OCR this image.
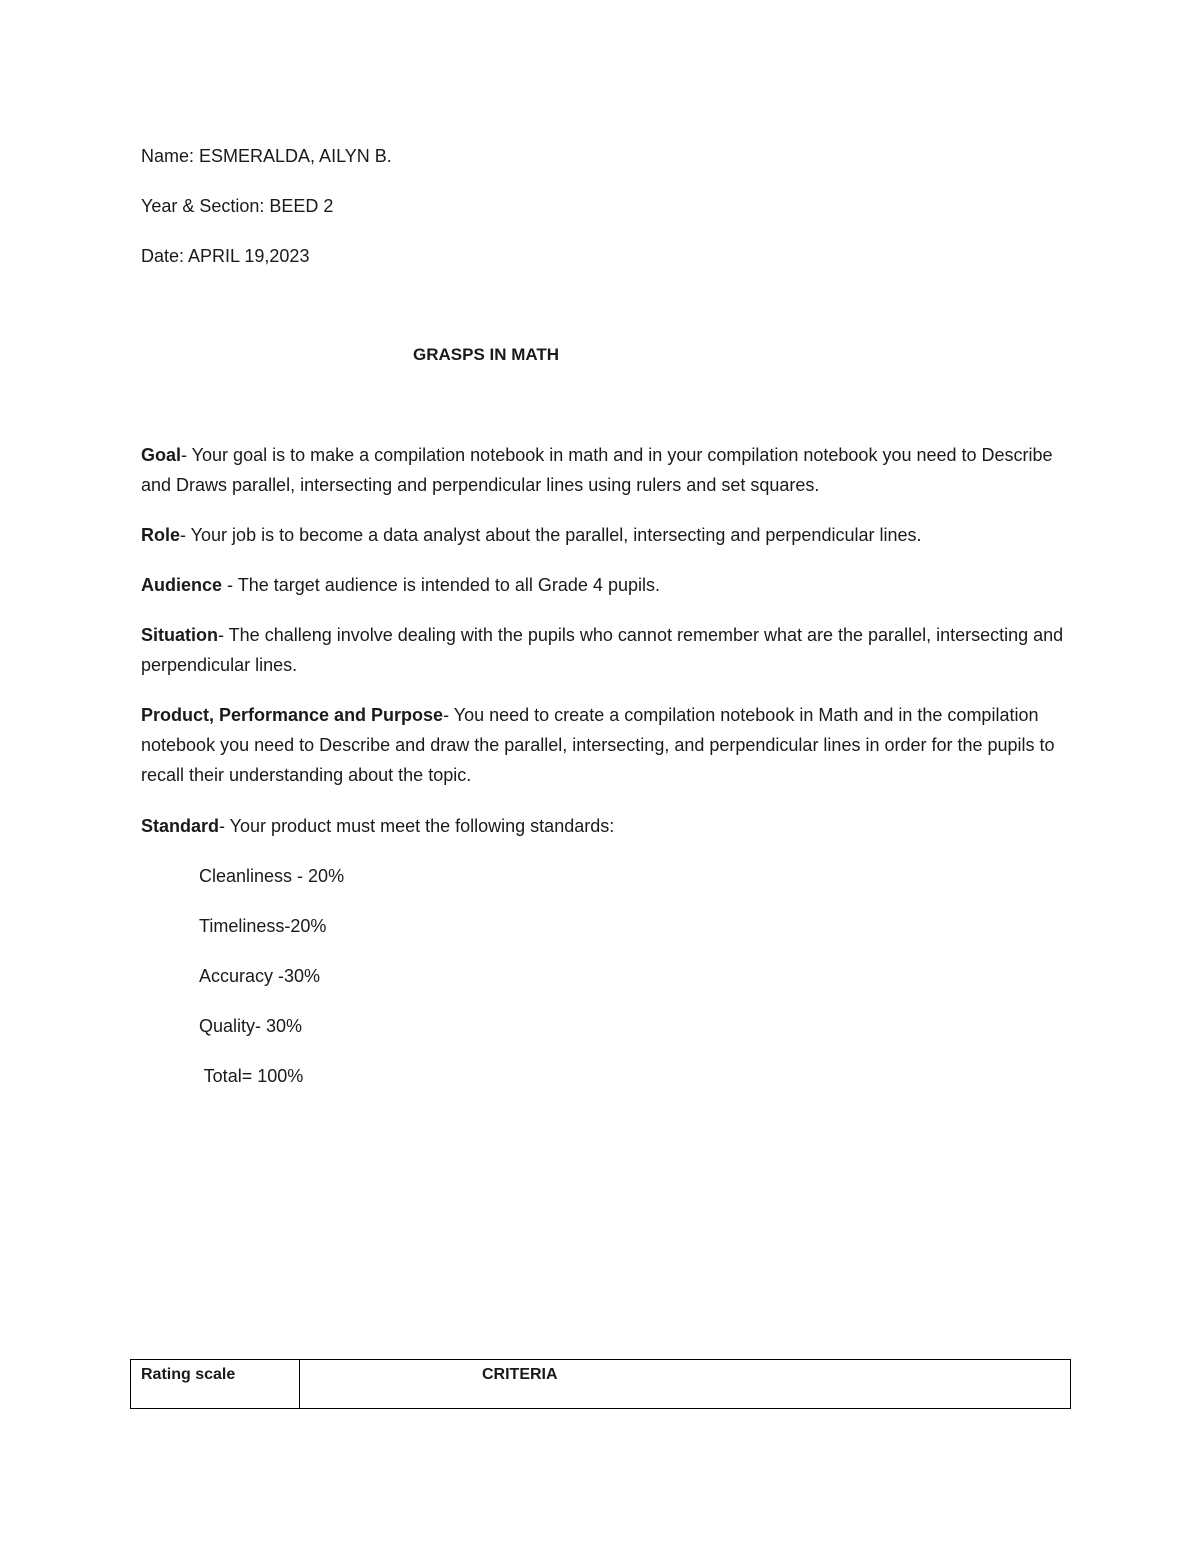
Name: ESMERALDA, AILYN B.
Year & Section: BEED 2
Date: APRIL 19,2023
GRASPS IN MATH
Goal- Your goal is to make a compilation notebook in math and in your compilation notebook you need to Describe and Draws parallel, intersecting and perpendicular lines using rulers and set squares.
Role- Your job is to become a data analyst about the parallel, intersecting and perpendicular lines.
Audience - The target audience is intended to all Grade 4 pupils.
Situation- The challeng involve dealing with the pupils who cannot remember what are the parallel, intersecting and perpendicular lines.
Product, Performance and Purpose- You need to create a compilation notebook in Math and in the compilation notebook you need to Describe and draw the parallel, intersecting, and perpendicular lines in order for the pupils to recall their understanding about the topic.
Standard- Your product must meet the following standards:
Cleanliness - 20%
Timeliness-20%
Accuracy -30%
Quality- 30%
Total= 100%
Rating scale	CRITERIA
